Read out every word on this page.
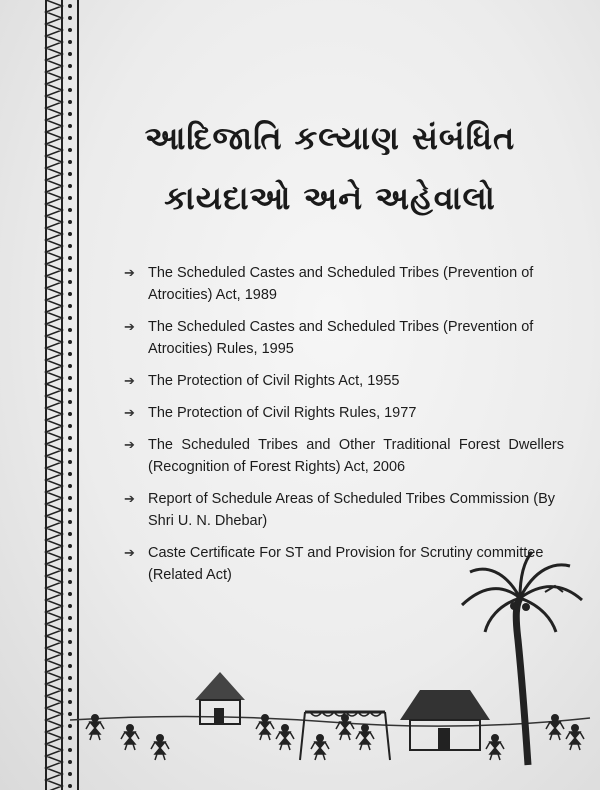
આદિજાતિ કલ્યાણ સંબંધિત
કાયદાઓ અને અહેવાલો
➔ The Scheduled Castes and Scheduled Tribes (Prevention of Atrocities) Act, 1989
➔ The Scheduled Castes and Scheduled Tribes (Prevention of Atrocities) Rules, 1995
➔ The Protection of Civil Rights Act, 1955
➔ The Protection of Civil Rights Rules, 1977
➔ The Scheduled Tribes and Other Traditional Forest Dwellers (Recognition of Forest Rights) Act, 2006
➔ Report of Schedule Areas of Scheduled Tribes Commission (By Shri U. N. Dhebar)
➔ Caste Certificate For ST and Provision for Scrutiny committee (Related Act)
